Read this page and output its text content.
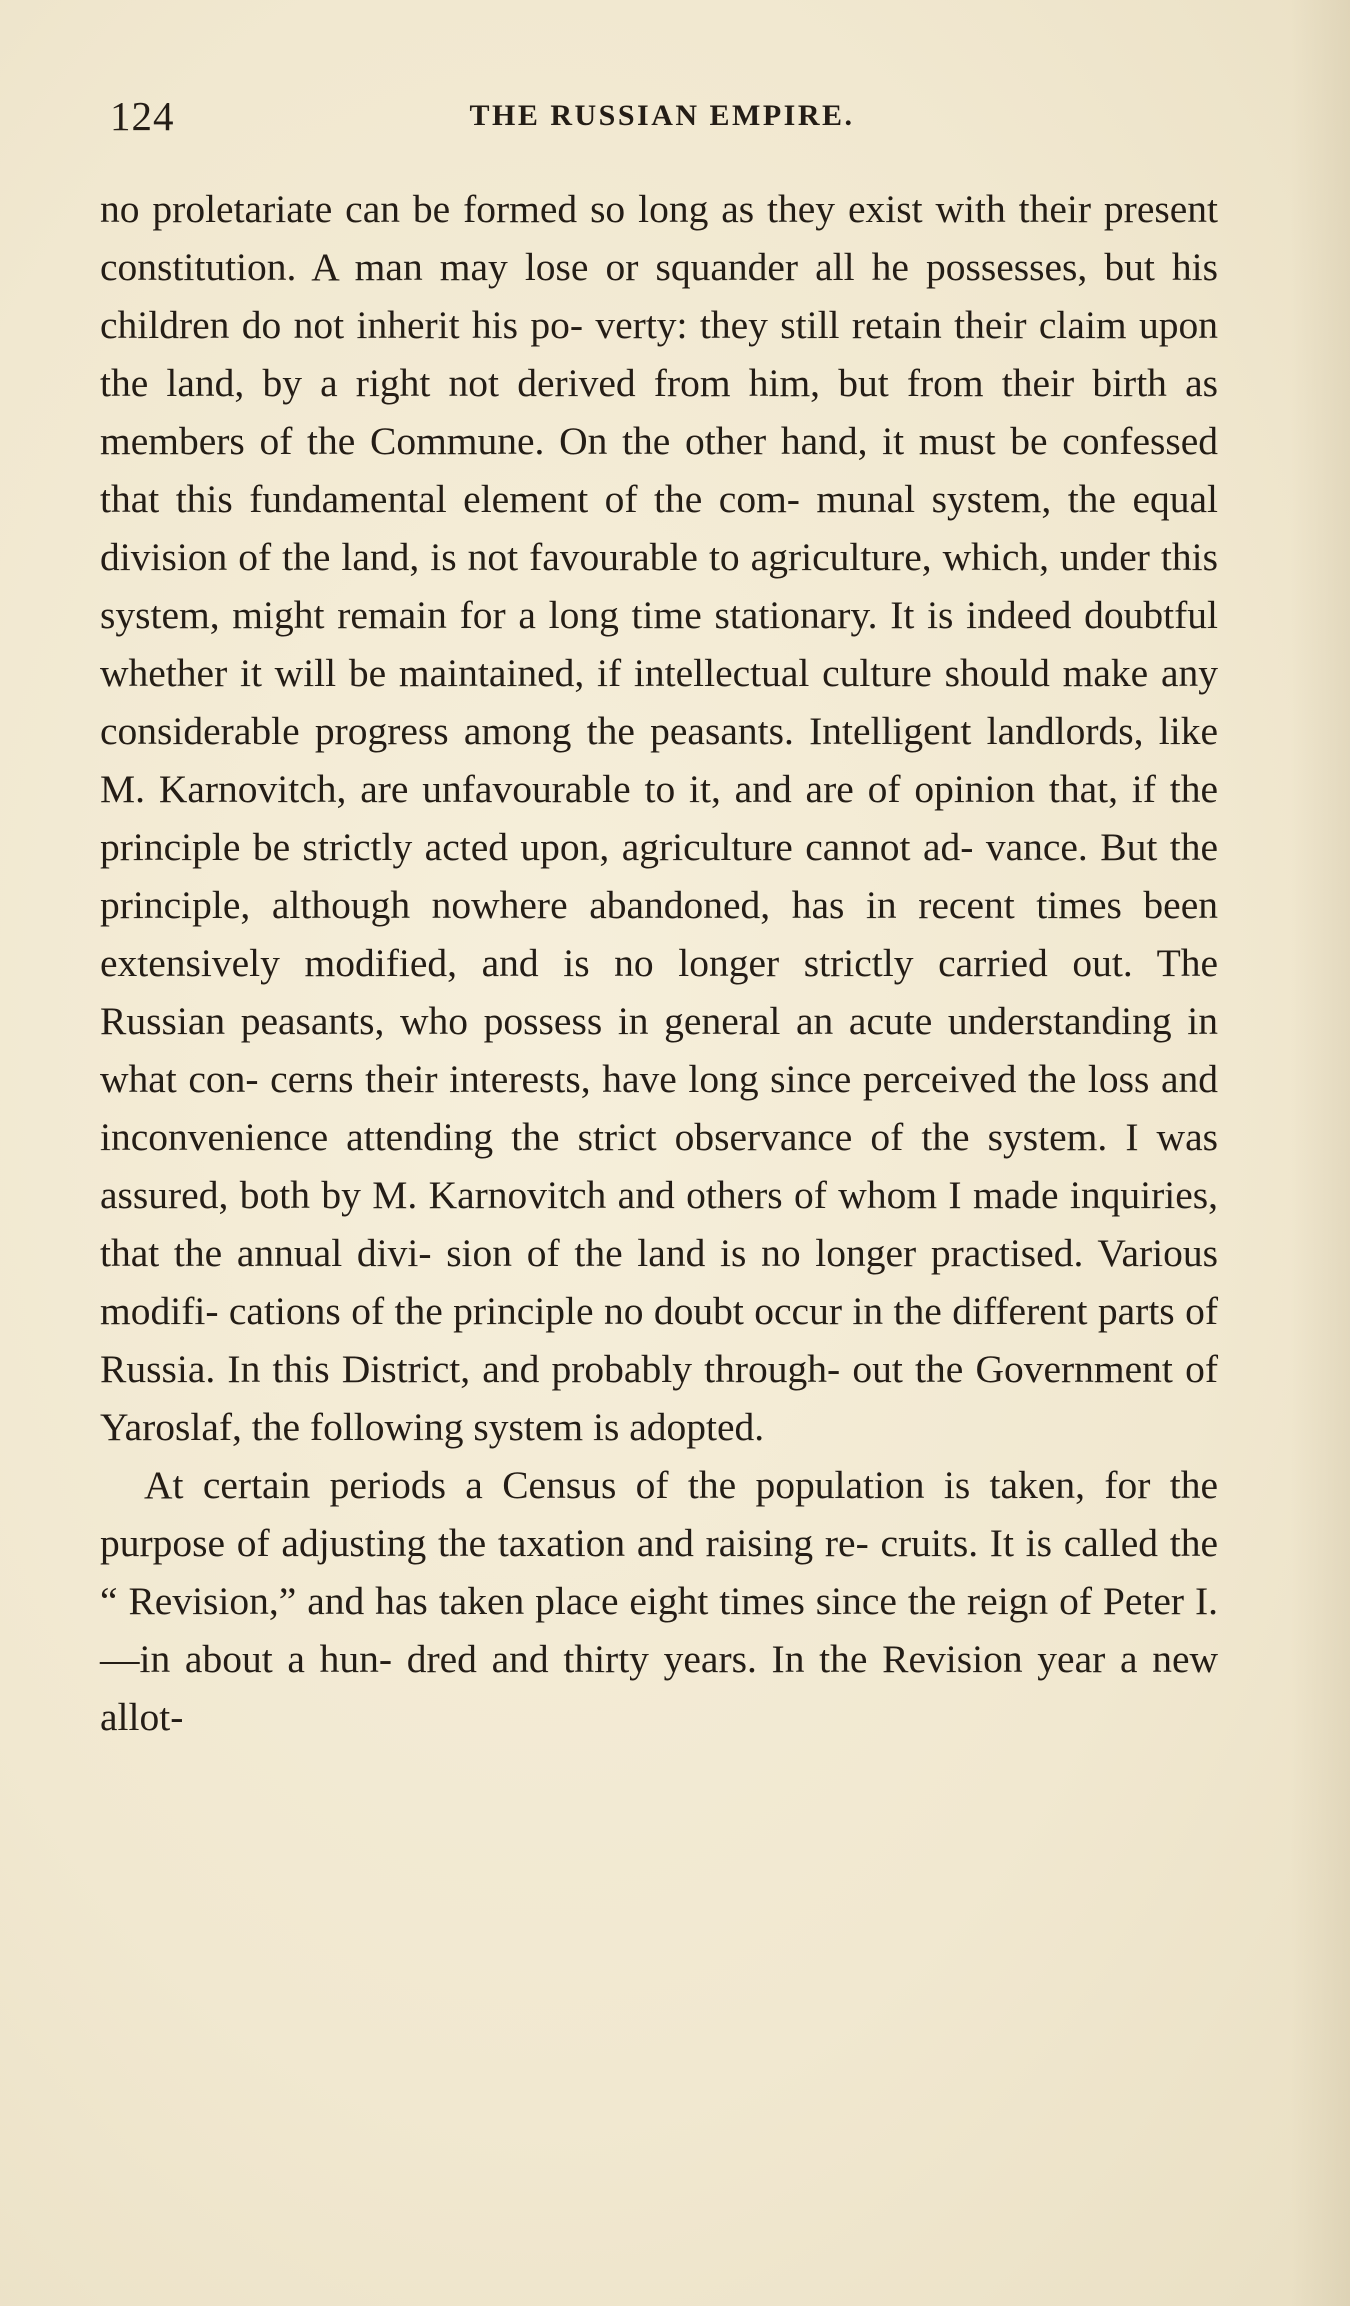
124	THE RUSSIAN EMPIRE.

no proletariate can be formed so long as they exist with their present constitution. A man may lose or squander all he possesses, but his children do not inherit his po- verty: they still retain their claim upon the land, by a right not derived from him, but from their birth as members of the Commune. On the other hand, it must be confessed that this fundamental element of the com- munal system, the equal division of the land, is not favourable to agriculture, which, under this system, might remain for a long time stationary. It is indeed doubtful whether it will be maintained, if intellectual culture should make any considerable progress among the peasants. Intelligent landlords, like M. Karnovitch, are unfavourable to it, and are of opinion that, if the principle be strictly acted upon, agriculture cannot ad- vance. But the principle, although nowhere abandoned, has in recent times been extensively modified, and is no longer strictly carried out. The Russian peasants, who possess in general an acute understanding in what con- cerns their interests, have long since perceived the loss and inconvenience attending the strict observance of the system. I was assured, both by M. Karnovitch and others of whom I made inquiries, that the annual divi- sion of the land is no longer practised. Various modifi- cations of the principle no doubt occur in the different parts of Russia. In this District, and probably through- out the Government of Yaroslaf, the following system is adopted.

At certain periods a Census of the population is taken, for the purpose of adjusting the taxation and raising re- cruits. It is called the “ Revision,” and has taken place eight times since the reign of Peter I.—in about a hun- dred and thirty years. In the Revision year a new allot-
